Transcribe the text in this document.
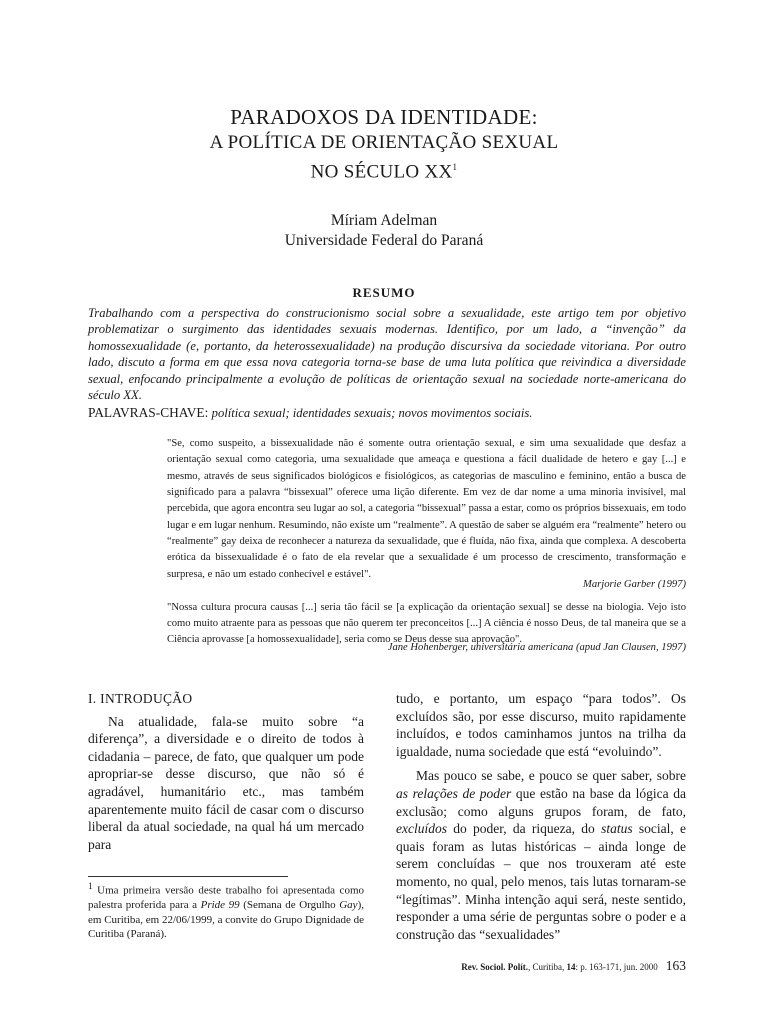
PARADOXOS DA IDENTIDADE:
A POLÍTICA DE ORIENTAÇÃO SEXUAL
NO SÉCULO $XX^1$
Míriam Adelman
Universidade Federal do Paraná
RESUMO
Trabalhando com a perspectiva do construcionismo social sobre a sexualidade, este artigo tem por objetivo problematizar o surgimento das identidades sexuais modernas. Identifico, por um lado, a “invenção” da homossexualidade (e, portanto, da heterossexualidade) na produção discursiva da sociedade vitoriana. Por outro lado, discuto a forma em que essa nova categoria torna-se base de uma luta política que reivindica a diversidade sexual, enfocando principalmente a evolução de políticas de orientação sexual na sociedade norte-americana do século XX.
PALAVRAS-CHAVE: política sexual; identidades sexuais; novos movimentos sociais.
"Se, como suspeito, a bissexualidade não é somente outra orientação sexual, e sim uma sexualidade que desfaz a orientação sexual como categoria, uma sexualidade que ameaça e questiona a fácil dualidade de hetero e gay [...] e mesmo, através de seus significados biológicos e fisiológicos, as categorias de masculino e feminino, então a busca de significado para a palavra “bissexual” oferece uma lição diferente. Em vez de dar nome a uma minoria invisível, mal percebida, que agora encontra seu lugar ao sol, a categoria “bissexual” passa a estar, como os próprios bissexuais, em todo lugar e em lugar nenhum. Resumindo, não existe um “realmente”. A questão de saber se alguém era “realmente” hetero ou “realmente” gay deixa de reconhecer a natureza da sexualidade, que é fluída, não fixa, ainda que complexa. A descoberta erótica da bissexualidade é o fato de ela revelar que a sexualidade é um processo de crescimento, transformação e surpresa, e não um estado conhecível e estável".
Marjorie Garber (1997)
"Nossa cultura procura causas [...] seria tão fácil se [a explicação da orientação sexual] se desse na biologia. Vejo isto como muito atraente para as pessoas que não querem ter preconceitos [...] A ciência é nosso Deus, de tal maneira que se a Ciência aprovasse [a homossexualidade], seria como se Deus desse sua aprovação".
Jane Hohenberger, universitária americana (apud Jan Clausen, 1997)
I. INTRODUÇÃO

Na atualidade, fala-se muito sobre “a diferença”, a diversidade e o direito de todos à cidadania – parece, de fato, que qualquer um pode apropriar-se desse discurso, que não só é agradável, humanitário etc., mas também aparentemente muito fácil de casar com o discurso liberal da atual sociedade, na qual há um mercado para

tudo, e portanto, um espaço “para todos”. Os excluídos são, por esse discurso, muito rapidamente incluídos, e todos caminhamos juntos na trilha da igualdade, numa sociedade que está “evoluindo”.

Mas pouco se sabe, e pouco se quer saber, sobre as relações de poder que estão na base da lógica da exclusão; como alguns grupos foram, de fato, excluídos do poder, da riqueza, do status social, e quais foram as lutas históricas – ainda longe de serem concluídas – que nos trouxeram até este momento, no qual, pelo menos, tais lutas tornaram-se “legítimas”. Minha intenção aqui será, neste sentido, responder a uma série de perguntas sobre o poder e a construção das “sexualidades”

$^1$ Uma primeira versão deste trabalho foi apresentada como palestra proferida para a Pride 99 (Semana de Orgulho Gay), em Curitiba, em 22/06/1999, a convite do Grupo Dignidade de Curitiba (Paraná).
Rev. Sociol. Polít., Curitiba, 14: p. 163-171, jun. 2000 163
